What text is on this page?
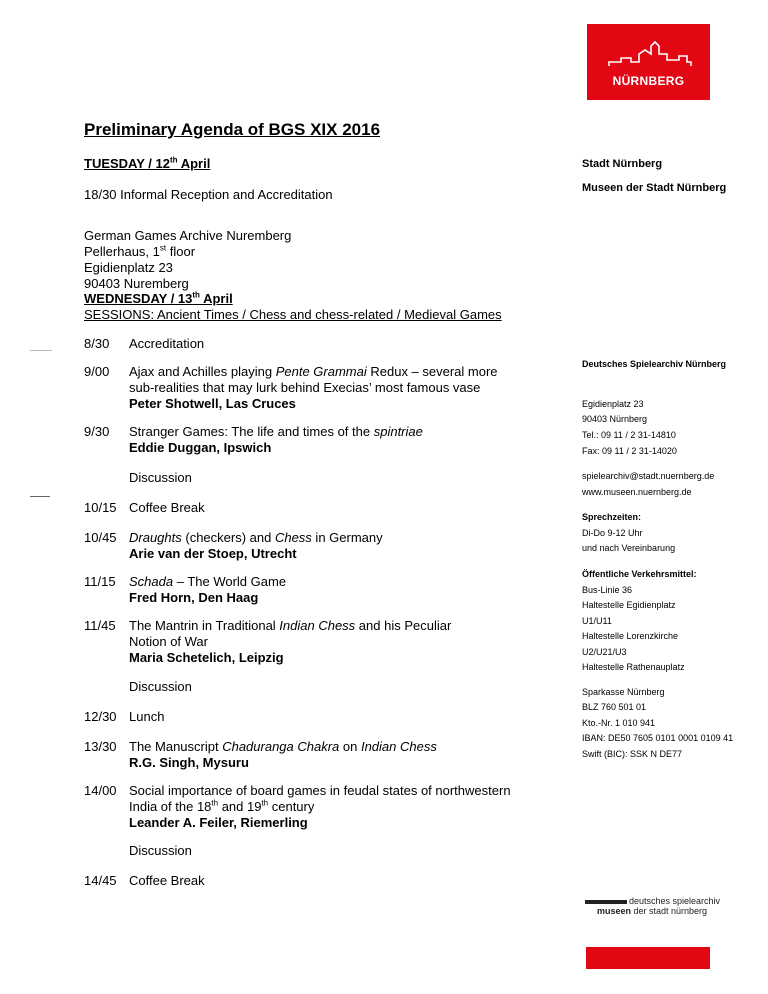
NÜRNBERG
Preliminary Agenda of BGS XIX 2016
TUESDAY / 12th April
18/30 Informal Reception and Accreditation
German Games Archive Nuremberg
Pellerhaus, 1st floor
Egidienplatz 23
90403 Nuremberg
WEDNESDAY / 13th April
SESSIONS: Ancient Times / Chess and chess-related / Medieval Games
8/30	Accreditation
9/00	Ajax and Achilles playing Pente Grammai Redux – several more
sub-realities that may lurk behind Execias’ most famous vase
Peter Shotwell, Las Cruces
9/30	Stranger Games: The life and times of the spintriae
Eddie Duggan, Ipswich
Discussion
10/15 Coffee Break
10/45 Draughts (checkers) and Chess in Germany
Arie van der Stoep, Utrecht
11/15	Schada – The World Game
Fred Horn, Den Haag
11/45	The Mantrin in Traditional Indian Chess and his Peculiar
Notion of War
Maria Schetelich, Leipzig
Discussion
12/30 Lunch
13/30 The Manuscript Chaduranga Chakra on Indian Chess
R.G. Singh, Mysuru
14/00 Social importance of board games in feudal states of northwestern
India of the 18th and 19th century
Leander A. Feiler, Riemerling
Discussion
14/45 Coffee Break
Stadt Nürnberg
Museen der Stadt Nürnberg
Deutsches Spielearchiv Nürnberg
Egidienplatz 23
90403 Nürnberg
Tel.: 09 11 / 2 31-14810
Fax: 09 11 / 2 31-14020
spielearchiv@stadt.nuernberg.de
www.museen.nuernberg.de
Sprechzeiten:
Di-Do 9-12 Uhr
und nach Vereinbarung
Öffentliche Verkehrsmittel:
Bus-Linie 36
Haltestelle Egidienplatz
U1/U11
Haltestelle Lorenzkirche
U2/U21/U3
Haltestelle Rathenauplatz
Sparkasse Nürnberg
BLZ 760 501 01
Kto.-Nr. 1 010 941
IBAN: DE50 7605 0101 0001 0109 41
Swift (BIC): SSK N DE77
deutsches spielearchiv
museen der stadt nürnberg
